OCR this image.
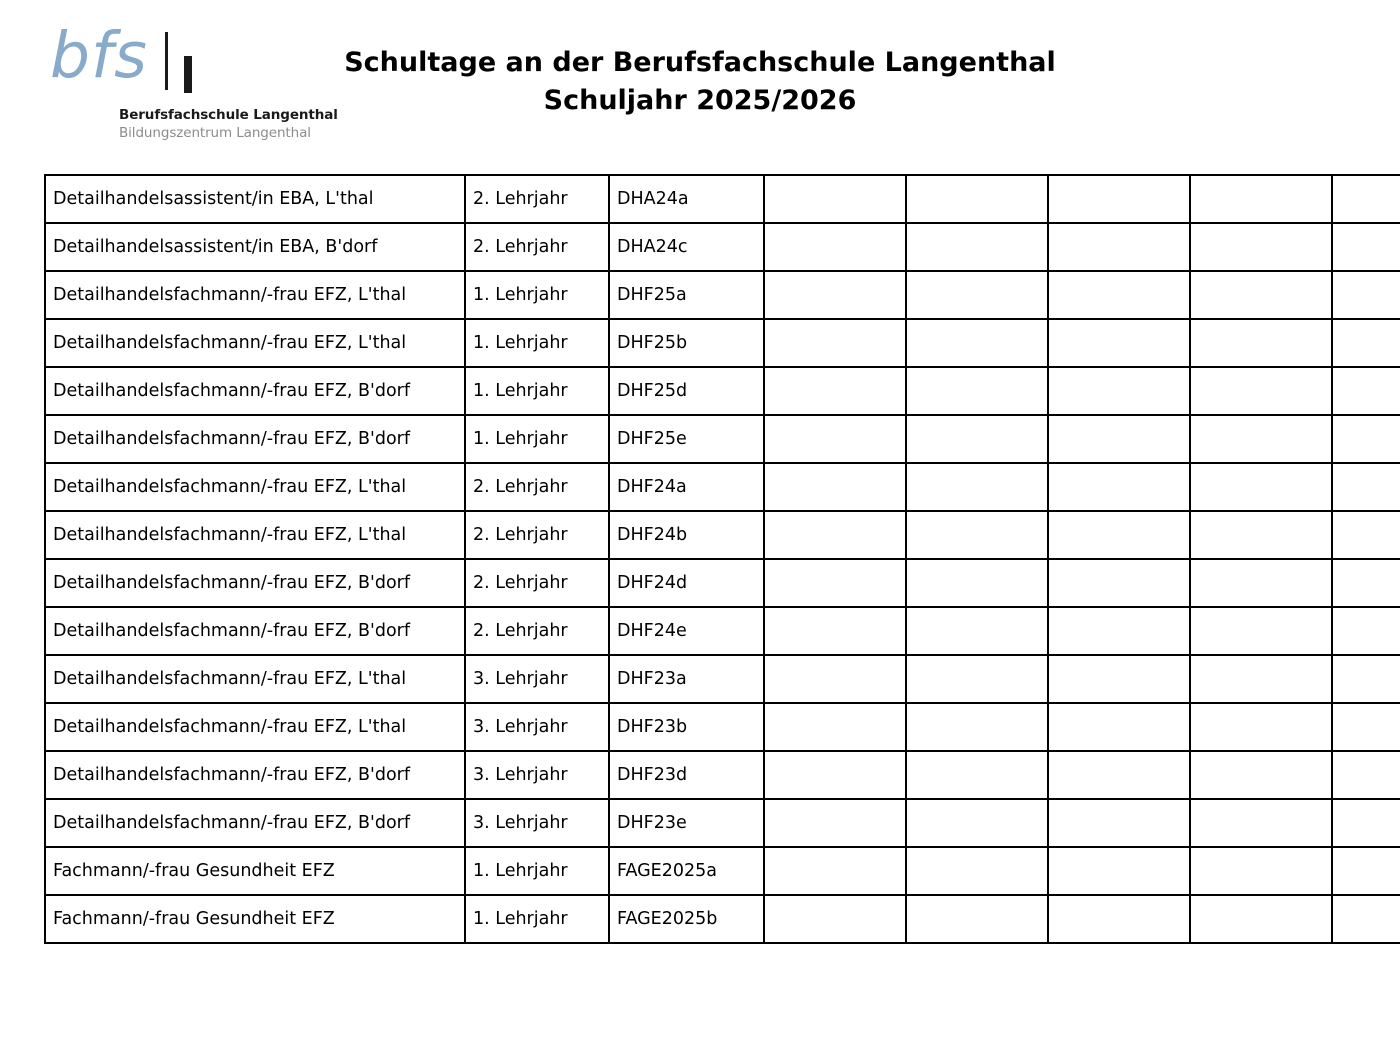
bfs
Berufsfachschule Langenthal
Bildungszentrum Langenthal
Schultage an der Berufsfachschule Langenthal
Schuljahr 2025/2026
Detailhandelsassistent/in EBA, L'thal	2. Lehrjahr	DHA24a					
Detailhandelsassistent/in EBA, B'dorf	2. Lehrjahr	DHA24c					
Detailhandelsfachmann/-frau EFZ, L'thal	1. Lehrjahr	DHF25a					
Detailhandelsfachmann/-frau EFZ, L'thal	1. Lehrjahr	DHF25b					
Detailhandelsfachmann/-frau EFZ, B'dorf	1. Lehrjahr	DHF25d					
Detailhandelsfachmann/-frau EFZ, B'dorf	1. Lehrjahr	DHF25e					
Detailhandelsfachmann/-frau EFZ, L'thal	2. Lehrjahr	DHF24a					
Detailhandelsfachmann/-frau EFZ, L'thal	2. Lehrjahr	DHF24b					
Detailhandelsfachmann/-frau EFZ, B'dorf	2. Lehrjahr	DHF24d					
Detailhandelsfachmann/-frau EFZ, B'dorf	2. Lehrjahr	DHF24e					
Detailhandelsfachmann/-frau EFZ, L'thal	3. Lehrjahr	DHF23a					
Detailhandelsfachmann/-frau EFZ, L'thal	3. Lehrjahr	DHF23b					
Detailhandelsfachmann/-frau EFZ, B'dorf	3. Lehrjahr	DHF23d					
Detailhandelsfachmann/-frau EFZ, B'dorf	3. Lehrjahr	DHF23e					
Fachmann/-frau Gesundheit EFZ	1. Lehrjahr	FAGE2025a					
Fachmann/-frau Gesundheit EFZ	1. Lehrjahr	FAGE2025b					
